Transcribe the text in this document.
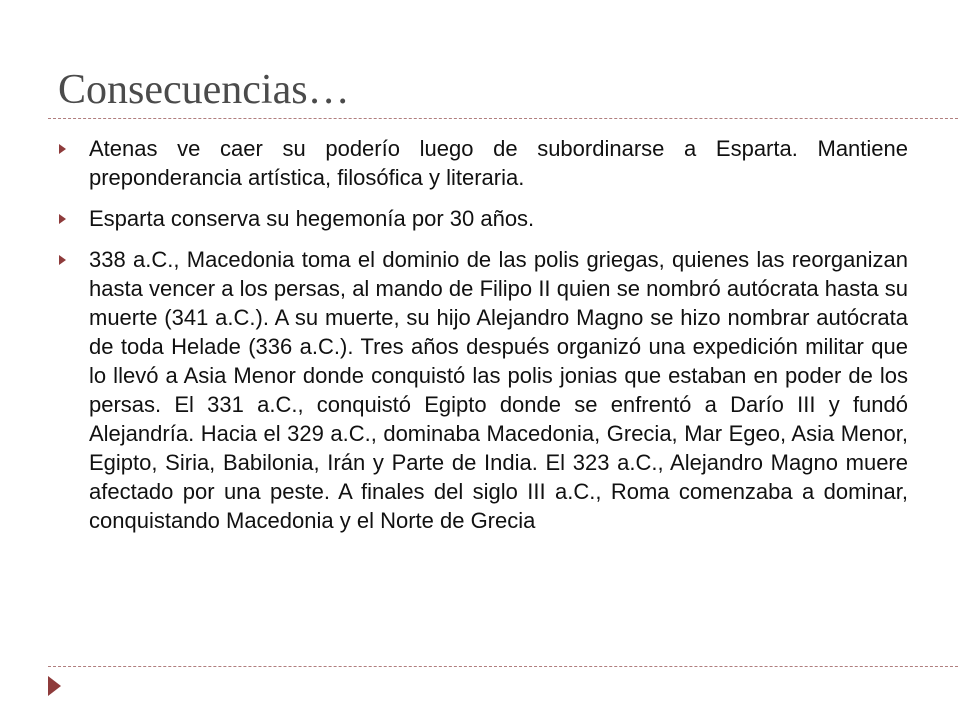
Consecuencias…
Atenas ve caer su poderío luego de subordinarse a Esparta. Mantiene preponderancia artística, filosófica y literaria.
Esparta conserva su hegemonía por 30 años.
338 a.C., Macedonia toma el dominio de las polis griegas, quienes las reorganizan hasta vencer a los persas, al mando de Filipo II quien se nombró autócrata hasta su muerte (341 a.C.). A su muerte, su hijo Alejandro Magno se hizo nombrar autócrata de toda Helade (336 a.C.). Tres años después organizó una expedición militar que lo llevó a Asia Menor donde conquistó las polis jonias que estaban en poder de los persas. El 331 a.C., conquistó Egipto donde se enfrentó a Darío III y fundó Alejandría. Hacia el 329 a.C., dominaba Macedonia, Grecia, Mar Egeo, Asia Menor, Egipto, Siria, Babilonia, Irán y Parte de India. El 323 a.C., Alejandro Magno muere afectado por una peste. A finales del siglo III a.C., Roma comenzaba a dominar, conquistando Macedonia y el Norte de Grecia
